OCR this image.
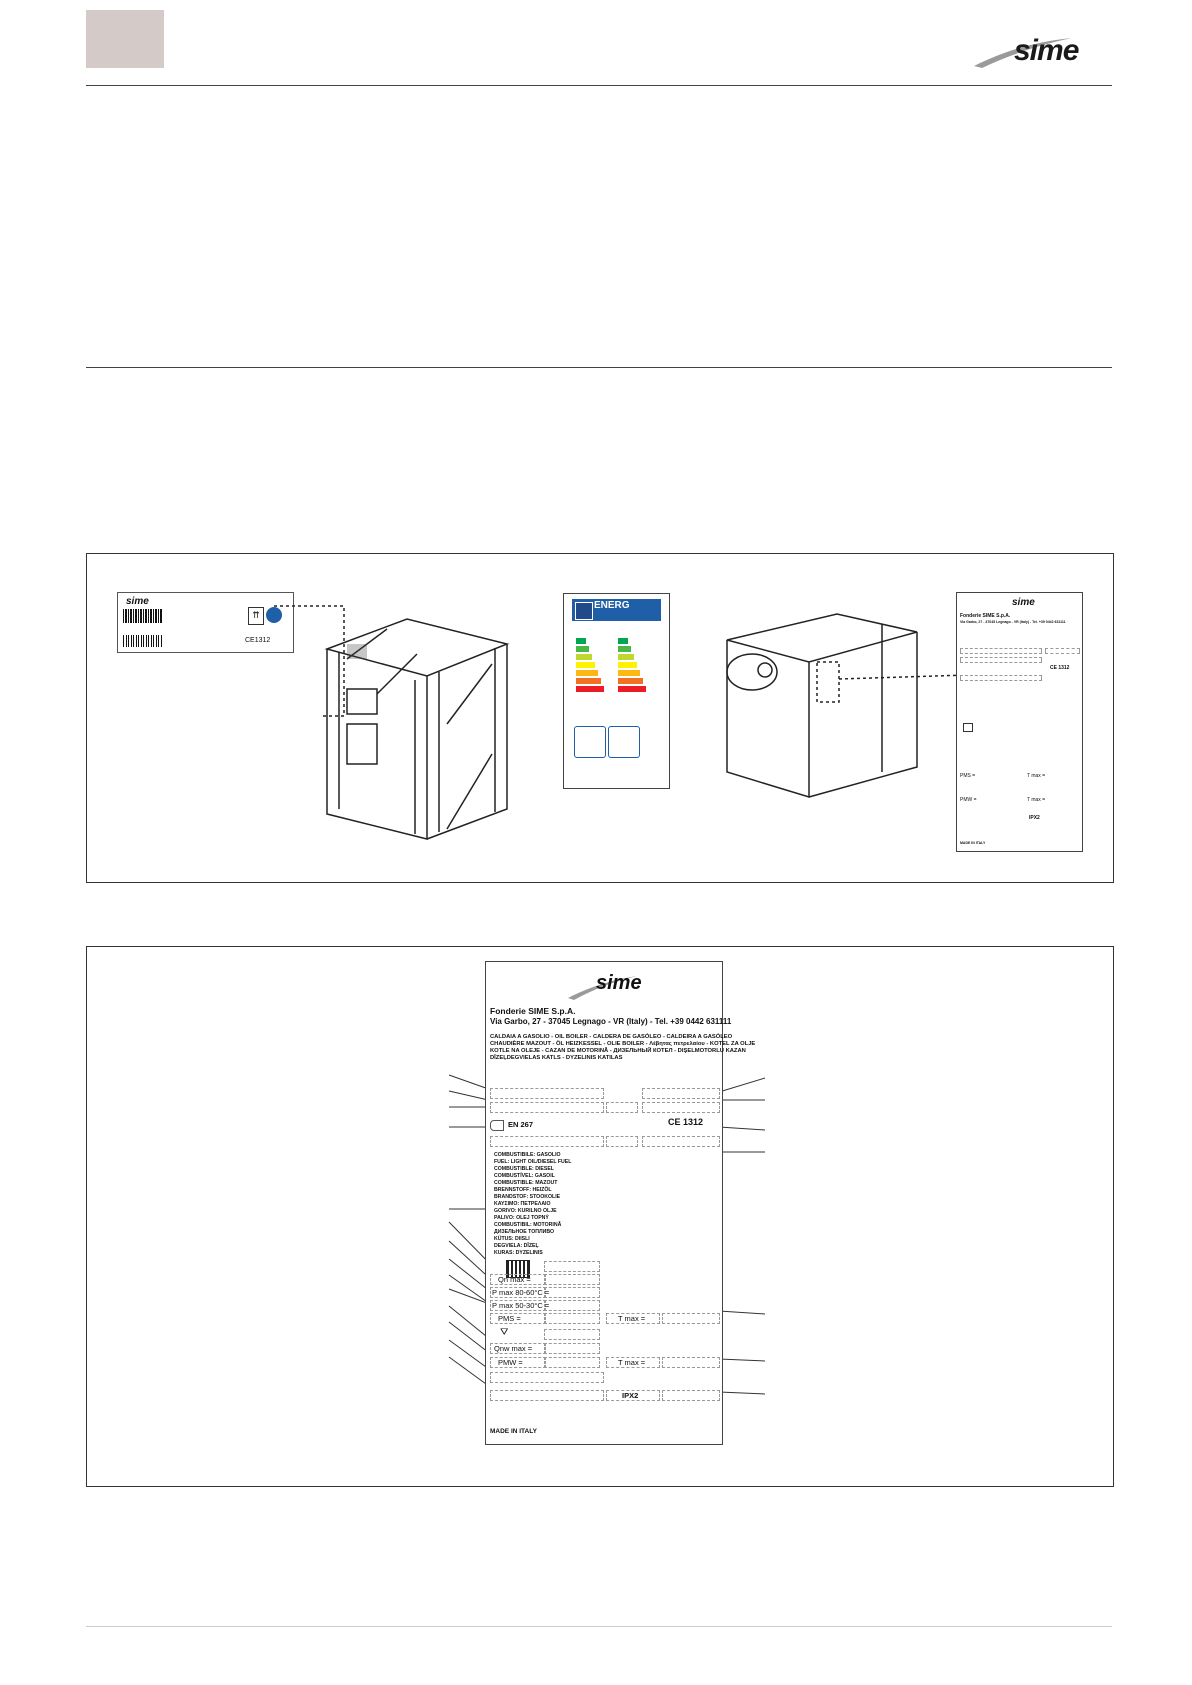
sime
sime
⇈
CE1312
ENERG	sime
Fonderie SIME S.p.A.
Via Garbo, 27 - 37045 Legnago - VR (Italy) - Tel. +39 0442 631111
CE 1312
PMS =	T max =
PMW =	T max =
IPX2
MADE IN ITALY
sime
Fonderie SIME S.p.A.
Via Garbo, 27 - 37045 Legnago - VR (Italy) - Tel. +39 0442 631111
CALDAIA A GASOLIO - OIL BOILER - CALDERA DE GASÓLEO - CALDEIRA A GASÓLEO
CHAUDIÈRE MAZOUT - ÖL HEIZKESSEL - OLIE BOILER - Λέβητας πετρελαίου - KOTEL ZA OLJE
KOTLE NA OLEJE - CAZAN DE MOTORINĂ - ДИЗЕЛЬНЫЙ КОТЕЛ - DIŞELMOTORLU KAZAN
DĪZEĻDEGVIELAS KATLS - DYZELINIS KATILAS
EN 267	CE 1312
COMBUSTIBILE: GASOLIO
FUEL: LIGHT OIL/DIESEL FUEL
COMBUSTIBLE: DIESEL
COMBUSTÍVEL: GASOIL
COMBUSTIBLE: MAZOUT
BRENNSTOFF: HEIZÖL
BRANDSTOF: STOOKOLIE
ΚΑΥΣΙΜΟ: ΠΕΤΡΕΛΑΙΟ
GORIVO: KURILNO OLJE
PALIVO: OLEJ TOPNÝ
COMBUSTIBIL: MOTORINĂ
ДИЗЕЛЬНОЕ ТОПЛИВО
KÜTUS: DIISLI
DEGVIELA: DĪZEĻ
KURAS: DYZELINIS
Qn max =
P max 80-60°C =
P max 50-30°C =
PMS =	T max =
⛛
Qnw max =
PMW =	T max =
IPX2
MADE IN ITALY
